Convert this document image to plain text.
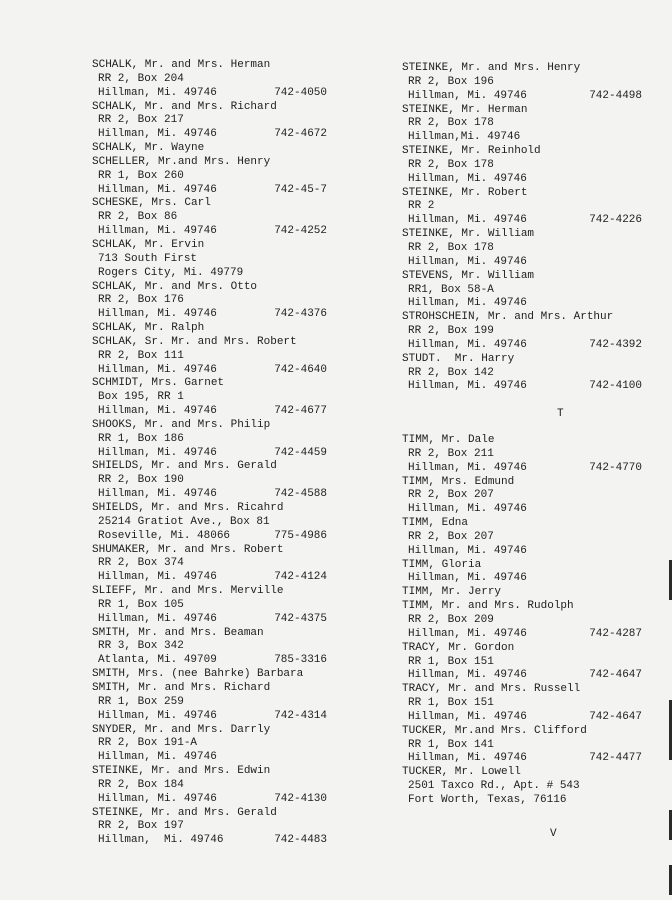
SCHALK, Mr. and Mrs. Herman
RR 2, Box 204
Hillman, Mi. 49746	742-4050
SCHALK, Mr. and Mrs. Richard
RR 2, Box 217
Hillman, Mi. 49746	742-4672
SCHALK, Mr. Wayne
SCHELLER, Mr.and Mrs. Henry
RR 1, Box 260
Hillman, Mi. 49746	742-45-7
SCHESKE, Mrs. Carl
RR 2, Box 86
Hillman, Mi. 49746	742-4252
SCHLAK, Mr. Ervin
713 South First
Rogers City, Mi. 49779
SCHLAK, Mr. and Mrs. Otto
RR 2, Box 176
Hillman, Mi. 49746	742-4376
SCHLAK, Mr. Ralph
SCHLAK, Sr. Mr. and Mrs. Robert
RR 2, Box 111
Hillman, Mi. 49746	742-4640
SCHMIDT, Mrs. Garnet
Box 195, RR 1
Hillman, Mi. 49746	742-4677
SHOOKS, Mr. and Mrs. Philip
RR 1, Box 186
Hillman, Mi. 49746	742-4459
SHIELDS, Mr. and Mrs. Gerald
RR 2, Box 190
Hillman, Mi. 49746	742-4588
SHIELDS, Mr. and Mrs. Ricahrd
25214 Gratiot Ave., Box 81
Roseville, Mi. 48066	775-4986
SHUMAKER, Mr. and Mrs. Robert
RR 2, Box 374
Hillman, Mi. 49746	742-4124
SLIEFF, Mr. and Mrs. Merville
RR 1, Box 105
Hillman, Mi. 49746	742-4375
SMITH, Mr. and Mrs. Beaman
RR 3, Box 342
Atlanta, Mi. 49709	785-3316
SMITH, Mrs. (nee Bahrke) Barbara
SMITH, Mr. and Mrs. Richard
RR 1, Box 259
Hillman, Mi. 49746	742-4314
SNYDER, Mr. and Mrs. Darrly
RR 2, Box 191-A
Hillman, Mi. 49746
STEINKE, Mr. and Mrs. Edwin
RR 2, Box 184
Hillman, Mi. 49746	742-4130
STEINKE, Mr. and Mrs. Gerald
RR 2, Box 197
Hillman,  Mi. 49746	742-4483
STEINKE, Mr. and Mrs. Henry
RR 2, Box 196
Hillman, Mi. 49746	742-4498
STEINKE, Mr. Herman
RR 2, Box 178
Hillman,Mi. 49746
STEINKE, Mr. Reinhold
RR 2, Box 178
Hillman, Mi. 49746
STEINKE, Mr. Robert
RR 2
Hillman, Mi. 49746	742-4226
STEINKE, Mr. William
RR 2, Box 178
Hillman, Mi. 49746
STEVENS, Mr. William
RR1, Box 58-A
Hillman, Mi. 49746
STROHSCHEIN, Mr. and Mrs. Arthur
RR 2, Box 199
Hillman, Mi. 49746	742-4392
STUDT.  Mr. Harry
RR 2, Box 142
Hillman, Mi. 49746	742-4100
T
TIMM, Mr. Dale
RR 2, Box 211
Hillman, Mi. 49746	742-4770
TIMM, Mrs. Edmund
RR 2, Box 207
Hillman, Mi. 49746
TIMM, Edna
RR 2, Box 207
Hillman, Mi. 49746
TIMM, Gloria
Hillman, Mi. 49746
TIMM, Mr. Jerry
TIMM, Mr. and Mrs. Rudolph
RR 2, Box 209
Hillman, Mi. 49746	742-4287
TRACY, Mr. Gordon
RR 1, Box 151
Hillman, Mi. 49746	742-4647
TRACY, Mr. and Mrs. Russell
RR 1, Box 151
Hillman, Mi. 49746	742-4647
TUCKER, Mr.and Mrs. Clifford
RR 1, Box 141
Hillman, Mi. 49746	742-4477
TUCKER, Mr. Lowell
2501 Taxco Rd., Apt. # 543
Fort Worth, Texas, 76116
V
